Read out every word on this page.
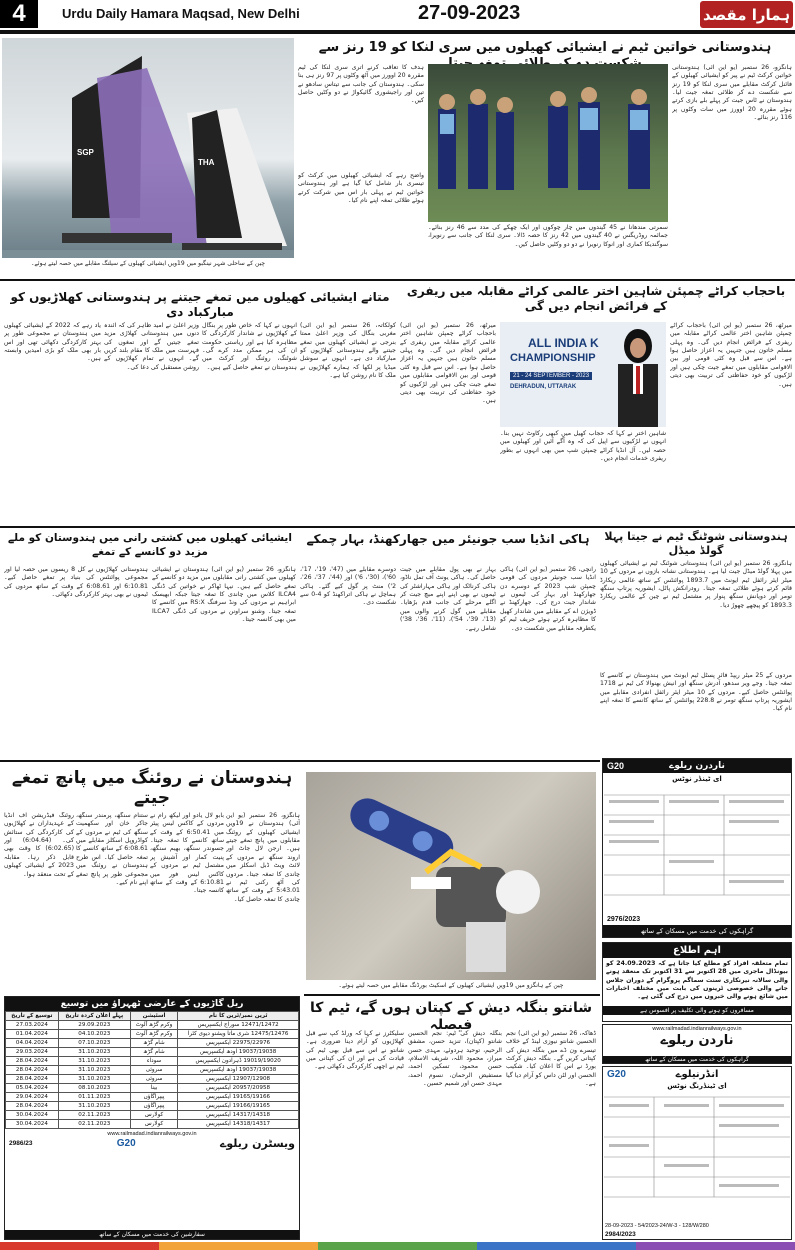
4	Urdu Daily Hamara Maqsad, New Delhi	27-09-2023	ہمارا مقصد
SGP
THA
چین کے ساحلی شہر نینگبو میں 19ویں ایشیائی کھیلوں کے سیلنگ مقابلے میں حصہ لیتے ہوئے۔
ہندوستانی خواتین ٹیم نے ایشیائی کھیلوں میں سری لنکا کو 19 رنز سے
ہانگزو، 26 ستمبر (یو این آئی) ہندوستانی خواتین کرکٹ ٹیم نے پیر کو ایشیائی کھیلوں کے فائنل کرکٹ مقابلے میں سری لنکا کو 19 رنز سے شکست دے کر طلائی تمغہ جیت لیا۔ ہندوستان نے ٹاس جیت کر پہلے بلے بازی کرتے ہوئے مقررہ 20 اوورز میں سات وکٹوں پر 116 رنز بنائے۔
سمرتی مندھانا نے 45 گیندوں میں چار چوکوں اور ایک چھکے کی مدد سے 46 رنز بنائے۔ جمائمہ روڈریگس نے 40 گیندوں میں 42 رنز کا حصہ ڈالا۔ سری لنکا کی جانب سے رنویرا، سوگندیکا کماری اور انوکا رنویرا نے دو دو وکٹیں حاصل کیں۔
ہدف کا تعاقب کرنے اتری سری لنکا کی ٹیم مقررہ 20 اوورز میں آٹھ وکٹوں پر 97 رنز ہی بنا سکی۔ ہندوستان کی جانب سے تیتاس سادھو نے تین اور راجیشوری گائیکواڑ نے دو وکٹیں حاصل کیں۔
واضح رہے کہ ایشیائی کھیلوں میں کرکٹ کو تیسری بار شامل کیا گیا ہے اور ہندوستانی خواتین ٹیم نے پہلی بار اس میں شرکت کرتے ہوئے طلائی تمغہ اپنے نام کیا۔
باحجاب کراٹے چمپئن شاہین اختر عالمی کراٹے مقابلہ میں ریفری کے فرائض انجام دیں گی
میرٹھ، 26 ستمبر (یو این آئی) باحجاب کراٹے چمپئن شاہین اختر عالمی کراٹے مقابلہ میں ریفری کے فرائض انجام دیں گی۔ وہ پہلی مسلم خاتون ہیں جنہیں یہ اعزاز حاصل ہوا ہے۔ اس سے قبل وہ کئی قومی اور بین الاقوامی مقابلوں میں تمغے جیت چکی ہیں اور لڑکیوں کو خود حفاظتی کی تربیت بھی دیتی ہیں۔
ALL INDIA K
CHAMPIONSHIP
21 - 24 SEPTEMBER - 2023
DEHRADUN, UTTARAK
شاہین اختر نے کہا کہ حجاب کھیل میں کبھی رکاوٹ نہیں بنا۔ انہوں نے لڑکیوں سے اپیل کی کہ وہ آگے آئیں اور کھیلوں میں حصہ لیں۔ آل انڈیا کراٹے چمپئن شپ میں بھی انہوں نے بطور ریفری خدمات انجام دیں۔
میرٹھ، 26 ستمبر (یو این آئی) باحجاب کراٹے چمپئن شاہین اختر عالمی کراٹے مقابلہ میں ریفری کے فرائض انجام دیں گی۔ وہ پہلی مسلم خاتون ہیں جنہیں یہ اعزاز حاصل ہوا ہے۔ اس سے قبل وہ کئی قومی اور بین الاقوامی مقابلوں میں تمغے جیت چکی ہیں اور لڑکیوں کو خود حفاظتی کی تربیت بھی دیتی ہیں۔
متانے ایشیائی کھیلوں میں تمغے جیتنے پر ہندوستانی کھلاڑیوں کو مبارکباد دی
کولکاتہ، 26 ستمبر (یو این آئی) مغربی بنگال کی وزیر اعلیٰ ممتا بنرجی نے ایشیائی کھیلوں میں تمغے جیتنے والے ہندوستانی کھلاڑیوں کو مبارکباد دی ہے۔ انہوں نے سوشل میڈیا پر لکھا کہ ہمارے کھلاڑیوں نے ملک کا نام روشن کیا ہے۔
انہوں نے کہا کہ خاص طور پر بنگال کے کھلاڑیوں نے شاندار کارکردگی کا مظاہرہ کیا ہے اور ریاستی حکومت ان کی ہر ممکن مدد کرے گی۔ شوٹنگ، روئنگ اور کرکٹ میں ہندوستان نے تمغے حاصل کیے ہیں۔
وزیر اعلیٰ نے امید ظاہر کی کہ آئندہ دنوں میں ہندوستانی کھلاڑی مزید تمغے جیتیں گے اور تمغوں کی فہرست میں ملک کا مقام بلند کریں گے۔ انہوں نے تمام کھلاڑیوں کے روشن مستقبل کی دعا کی۔
یاد رہے کہ 2022 کے ایشیائی کھیلوں میں ہندوستان نے مجموعی طور پر بہتر کارکردگی دکھائی تھی اور اس بار بھی ملک کو بڑی امیدیں وابستہ ہیں۔
ہندوستانی شوٹنگ ٹیم نے جیتا پہلا گولڈ میڈل
ہانگزو، 26 ستمبر (یو این آئی) ہندوستانی شوٹنگ ٹیم نے ایشیائی کھیلوں میں پہلا گولڈ میڈل جیت لیا ہے۔ ہندوستانی نشانہ بازوں نے مردوں کے 10 میٹر ایئر رائفل ٹیم ایونٹ میں 1893.7 پوائنٹس کے ساتھ عالمی ریکارڈ قائم کرتے ہوئے طلائی تمغہ جیتا۔ رودرانکش پاٹل، ایشوریہ پرتاپ سنگھ تومر اور دویانش سنگھ پنوار پر مشتمل ٹیم نے چین کے عالمی ریکارڈ 1893.3 کو پیچھے چھوڑ دیا۔
مردوں کے 25 میٹر ریپڈ فائر پسٹل ٹیم ایونٹ میں ہندوستان نے کانسے کا تمغہ جیتا۔ وجے ویر سدھو، آدرش سنگھ اور انیش بھنوالا کی ٹیم نے 1718 پوائنٹس حاصل کیے۔ مردوں کے 10 میٹر ایئر رائفل انفرادی مقابلے میں ایشوریہ پرتاپ سنگھ تومر نے 228.8 پوائنٹس کے ساتھ کانسے کا تمغہ اپنے نام کیا۔
ہاکی انڈیا سب جونیئر میں جھارکھنڈ، بہار چمکے
رانچی، 26 ستمبر (یو این آئی) ہاکی انڈیا سب جونیئر مردوں کی قومی چمپئن شپ 2023 کے دوسرے دن جھارکھنڈ اور بہار کی ٹیموں نے شاندار جیت درج کی۔ جھارکھنڈ نے ڈویژن اے کے مقابلے میں شاندار کھیل کا مظاہرہ کرتے ہوئے حریف ٹیم کو یکطرفہ مقابلے میں شکست دی۔
بہار نے بھی پول مقابلے میں جیت حاصل کی۔ ہاکی یونٹ آف تمل ناڈو، ہاکی کرناٹک اور ہاکی مہاراشٹر کی ٹیموں نے بھی اپنے اپنے میچ جیت کر اگلے مرحلے کی جانب قدم بڑھایا۔ مقابلے میں گول کرنے والوں میں (13'، 39'، 54')، (11'، 36'، 38') شامل رہے۔
دوسرے مقابلے میں (47'، 19'، 17'، 60')، (30'، 6') اور (44'، 37'، 26'، 2') منٹ پر گول کیے گئے۔ ہاکی ہماچل نے ہاکی اتراکھنڈ کو 4-0 سے شکست دی۔
ایشیائی کھیلوں میں کشتی رانی میں ہندوستان کو ملے مزید دو کانسے کے تمغے
ہانگزو، 26 ستمبر (یو این آئی) ہندوستان نے ایشیائی کھیلوں میں کشتی رانی مقابلوں میں مزید دو کانسے کے تمغے حاصل کیے ہیں۔ نیہا ٹھاکر نے خواتین کی ڈنگی ILCA4 کلاس میں چاندی کا تمغہ جیتا جبکہ ابھیسک ابراہیم نے مردوں کی ونڈ سرفنگ RS:X میں کانسے کا تمغہ جیتا۔ وشنو سراونن نے مردوں کی ڈنگی ILCA7 میں بھی کانسہ جیتا۔
ہندوستانی کھلاڑیوں نے کل 8 ریسوں میں حصہ لیا اور مجموعی پوائنٹس کی بنیاد پر تمغے حاصل کیے۔ 6:10.81 اور 6:08.61 کے وقت کے ساتھ مردوں کی ٹیموں نے بھی بہتر کارکردگی دکھائی۔
ناردرن ریلوے
G20
ای ٹینڈر نوٹس
2976/2023
گراہکوں کی خدمت میں مسکان کے ساتھ
اہم اطلاع
تمام متعلقہ افراد کو مطلع کیا جاتا ہے کہ 24.09.2023 کو بیونڈال ماجری میں 28 اکتوبر سے 31 اکتوبر تک منعقد ہونے والی سالانہ نیرنکاری سنت سماگم پروگرام کے دوران جلاس جانے والی خصوصی ٹرینوں کی بابت میں مختلف اخبارات میں شائع ہونے والی خبروں میں درج کی گئی ہے۔
مسافروں کو ہونے والی تکلیف پر افسوس ہے
www.railmadad.indianrailways.gov.in
ناردن ریلوے
گراہکوں کی خدمت میں مسکان کے ساتھ
G20	انڈرنیلوے
ای ٹینڈرنگ نوٹس
28-09-2023 - 54/2023-24/W-3 - 128/W/280
2984/2023
ہندوستان نے روئنگ میں پانچ تمغے جیتے
ہانگزو، 26 ستمبر (یو این آئی) ہندوستان نے 19ویں ایشیائی کھیلوں کے روئنگ مقابلوں میں پانچ تمغے جیتے ہیں۔ ارجن لال جاٹ اور اروند سنگھ نے مردوں کے لائٹ ویٹ ڈبل اسکلز میں چاندی کا تمغہ جیتا۔ مردوں کی آٹھ رکنی ٹیم نے 5:43.01 کے وقت کے ساتھ چاندی کا تمغہ حاصل کیا۔
بابو لال یادو اور لیکھ رام نے مردوں کے کاکس لیس پیئر میں 6:50.41 کے وقت کے ساتھ کانسے کا تمغہ جیتا۔ جسوندر سنگھ، بھیم سنگھ، پنیت کمار اور آشیش پر مشتمل ٹیم نے مردوں کے کاکس لیس فور میں 6:10.81 کے وقت کے ساتھ کانسہ جیتا۔
ستنام سنگھ، پرمندر سنگھ، جاکر خان اور سکھمیت سنگھ کی ٹیم نے مردوں کے کواڈروپل اسکلز مقابلے میں 6:08.61 کے ساتھ کانسے کا تمغہ حاصل کیا۔ اس طرح ہندوستان نے روئنگ میں مجموعی طور پر پانچ تمغے اپنے نام کیے۔
روئنگ فیڈریشن آف انڈیا کے عہدیداران نے کھلاڑیوں کی کارکردگی کی ستائش کی۔ (6:04.64) اور (6:02.65) کا وقت بھی قابل ذکر رہا۔ مقابلہ 2023 کے ایشیائی کھیلوں کے تحت منعقد ہوا۔
چین کے ہانگزو میں 19ویں ایشیائی کھیلوں کے اسکیٹ بورڈنگ مقابلے میں حصہ لیتے ہوئے۔
شانتو بنگلہ دیش کے کپتان ہوں گے، ٹیم کا فیصلہ
ڈھاکہ، 26 ستمبر (یو این آئی) نجم الحسین شانتو نیوزی لینڈ کے خلاف تیسرے ون ڈے میں بنگلہ دیش کی کپتانی کریں گے۔ بنگلہ دیش کرکٹ بورڈ نے اس کا اعلان کیا۔ شکیب الحسن اور لٹن داس کو آرام دیا گیا ہے۔
بنگلہ دیش کی ٹیم: نجم الحسین شانتو (کپتان)، تنزید حسن، مشفق الرحیم، توحید ہردوئے، مہدی حسن میراز، محمود اللہ، شریف الاسلام، حسن محمود، تسکین احمد، مستفیض الرحمان، نسوم احمد، مہدی حسن اور شمیم حسین۔
سلیکٹرز نے کہا کہ ورلڈ کپ سے قبل کھلاڑیوں کو آرام دینا ضروری ہے۔ شانتو نے اس سے قبل بھی ٹیم کی قیادت کی ہے اور ان کی کپتانی میں ٹیم نے اچھی کارکردگی دکھائی ہے۔
ریل گاڑیوں کے عارضی ٹھہراؤ میں توسیع
ٹرین نمبر/ٹرین کا نام	اسٹیشن	پہلے اعلان کردہ تاریخ	توسیع کے تاریخ
12471/12472 سوراج ایکسپریس	وکرم گڑھ آلوٹ	29.09.2023	27.03.2024
12475/12476 شری ماتا ویشنو دیوی کٹرا	وکرم گڑھ آلوٹ	04.10.2023	01.04.2024
22975/22976 ایکسپریس	شام گڑھ	07.10.2023	04.04.2024
19037/19038 اودھ ایکسپریس	شام گڑھ	31.10.2023	29.03.2024
19019/19020 ڈہرادون ایکسپریس	سوداء	31.10.2023	28.04.2024
19037/19038 اودھ ایکسپریس	سروئی	31.10.2023	28.04.2024
12907/12908 ایکسپریس	سروئی	31.10.2023	28.04.2024
20957/20958 ایکسپریس	بینا	08.10.2023	05.04.2024
19165/19166 ایکسپریس	پیپراگاؤں	01.11.2023	29.04.2024
19166/19165 ایکسپریس	پیپراگاؤں	31.10.2023	28.04.2024
14317/14318 ایکسپریس	کولارس	02.11.2023	30.04.2024
14318/14317 ایکسپریس	کولارس	02.11.2023	30.04.2024
www.railmadad.indianrailways.gov.in
2986/23	G20	ویسٹرن ریلوے
سفارشین کی خدمت میں مسکان کے ساتھ
